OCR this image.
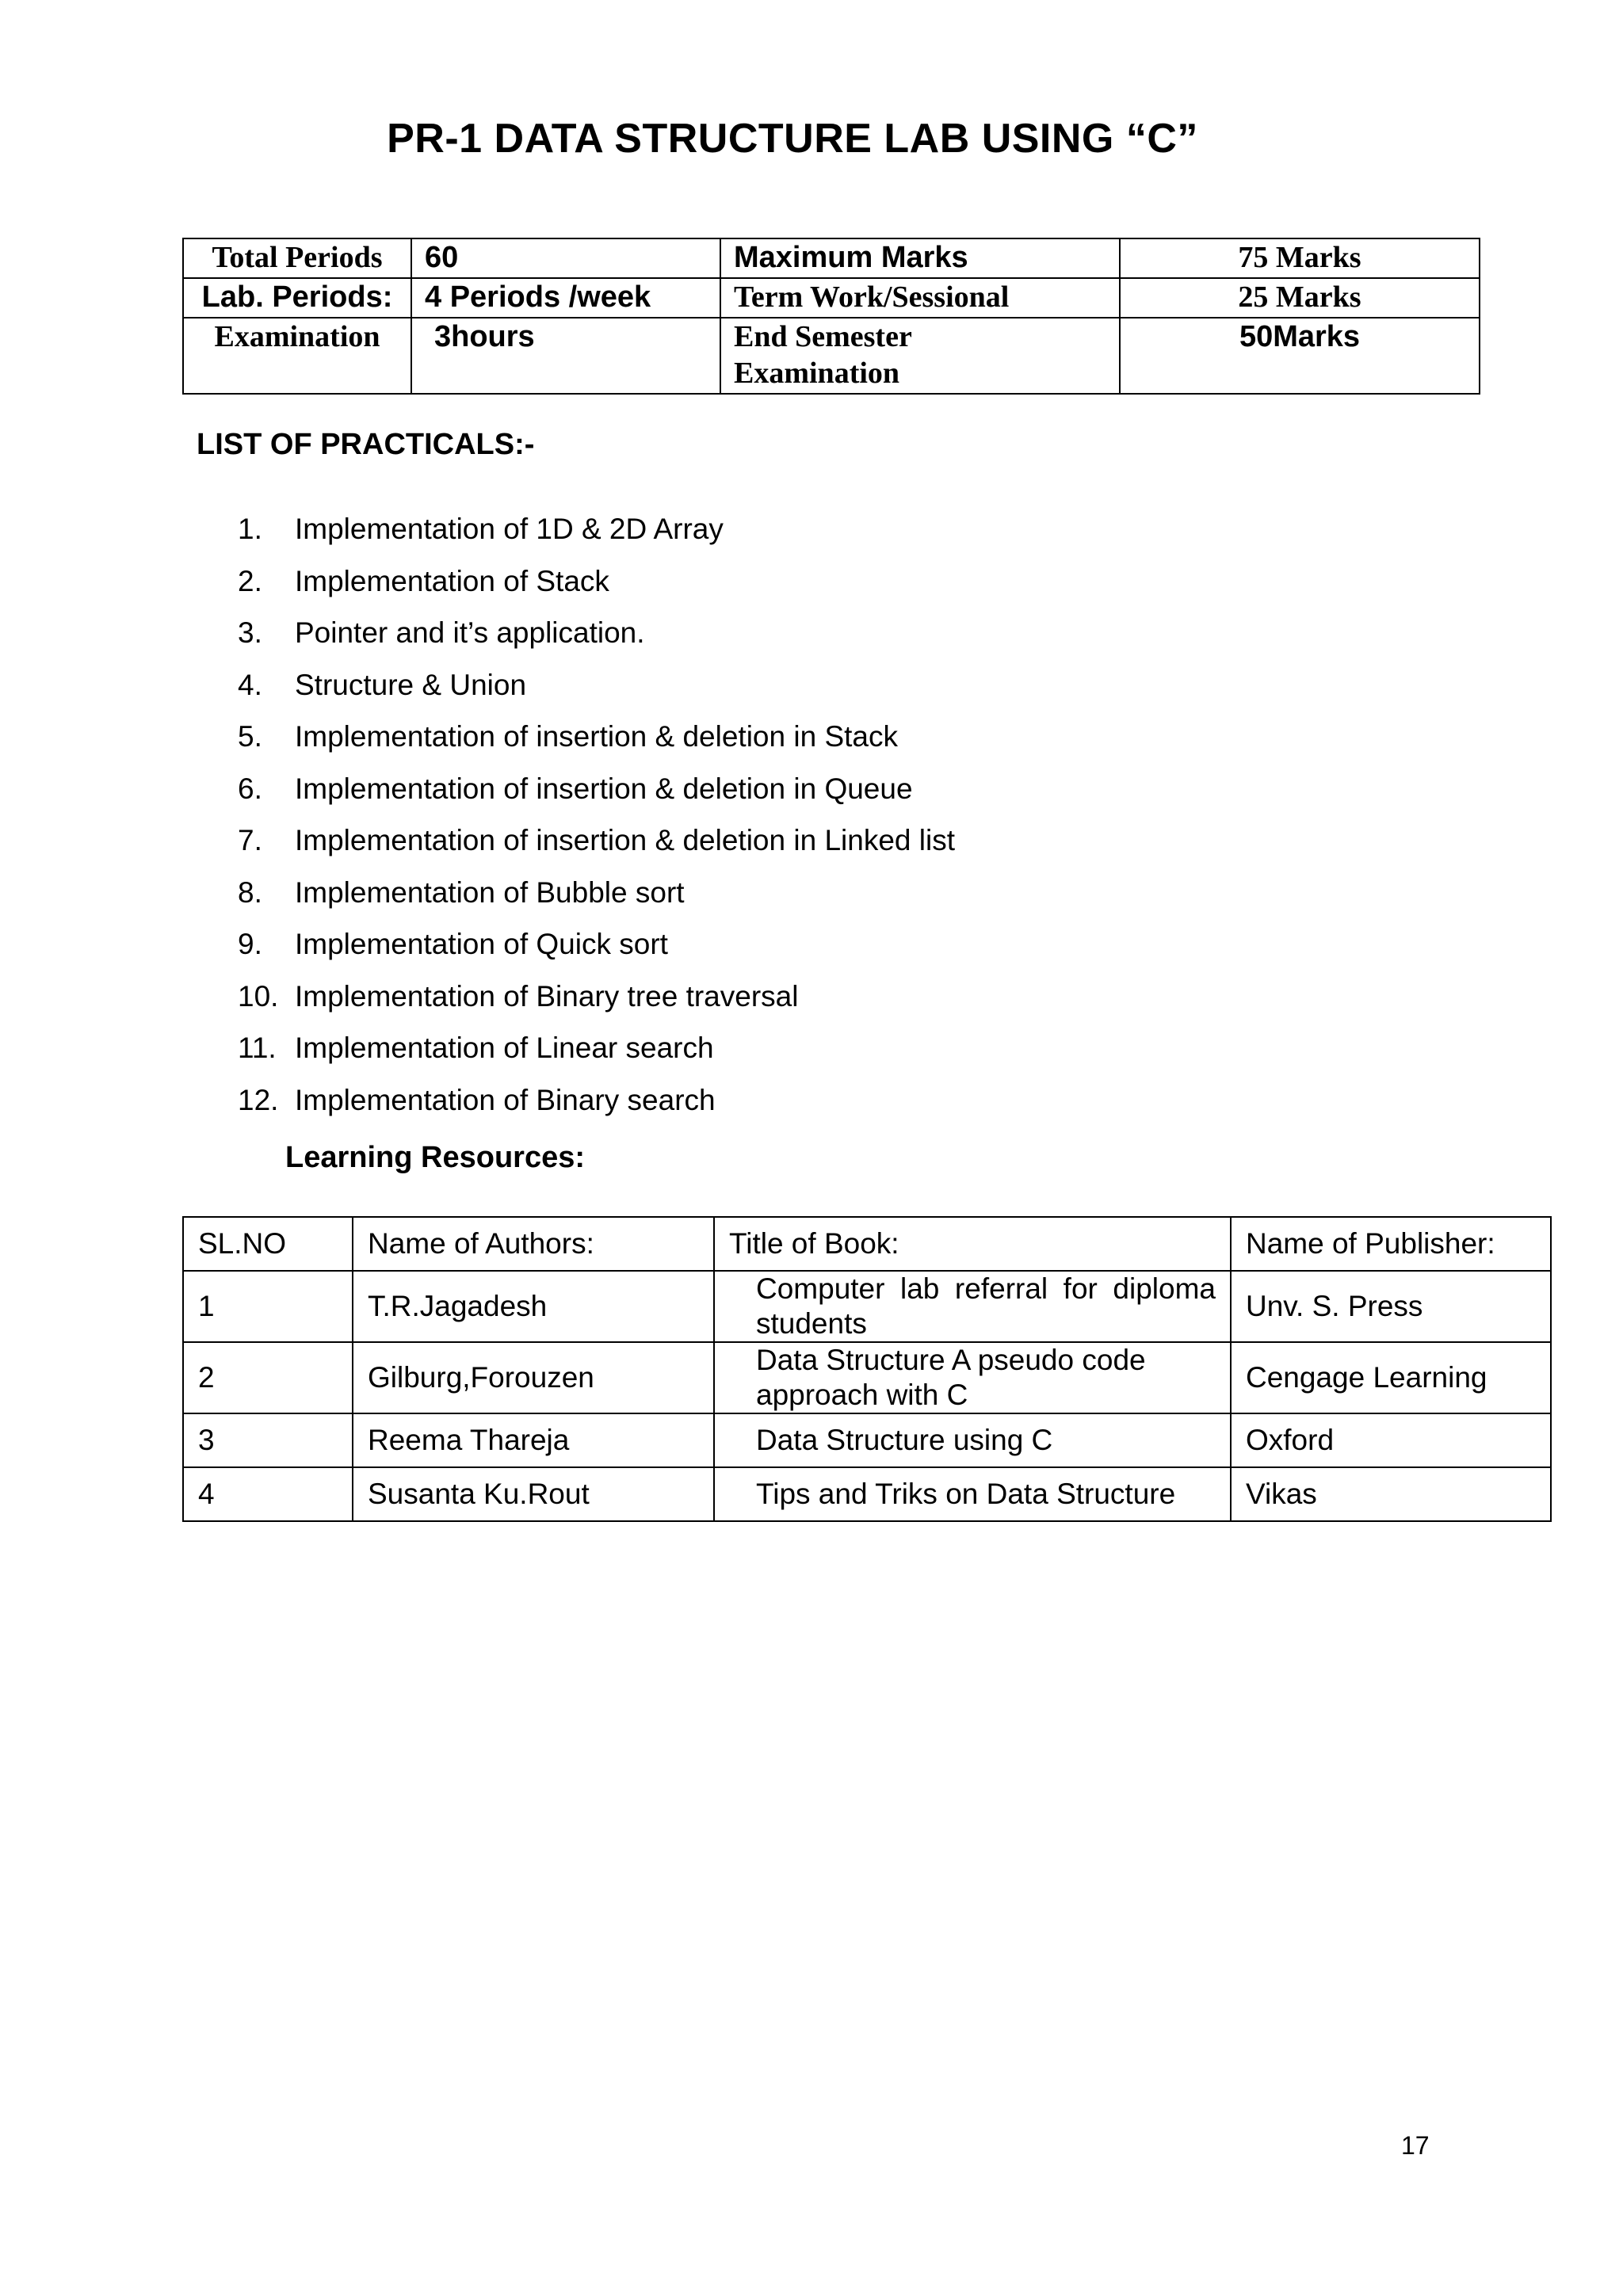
PR-1 DATA STRUCTURE LAB USING “C”
Total Periods	60	Maximum Marks	75 Marks
Lab. Periods:	4 Periods /week	Term Work/Sessional	25 Marks
Examination	3hours	End Semester Examination	50Marks
LIST OF PRACTICALS:-
1.	Implementation of 1D & 2D Array
2.	Implementation of Stack
3.	Pointer and it’s application.
4.	Structure & Union
5.	Implementation of insertion & deletion in Stack
6.	Implementation of insertion & deletion in Queue
7.	Implementation of insertion & deletion in Linked list
8.	Implementation of Bubble sort
9.	Implementation of Quick sort
10. Implementation of Binary tree traversal
11. Implementation of Linear search
12. Implementation of Binary search
Learning Resources:
SL.NO	Name of Authors:	Title of Book:	Name of Publisher:
1	T.R.Jagadesh	Computer lab referral for diploma students	Unv. S. Press
2	Gilburg,Forouzen	Data Structure A pseudo code approach with C	Cengage Learning
3	Reema Thareja	Data Structure using C	Oxford
4	Susanta Ku.Rout	Tips and Triks on Data Structure	Vikas
17
